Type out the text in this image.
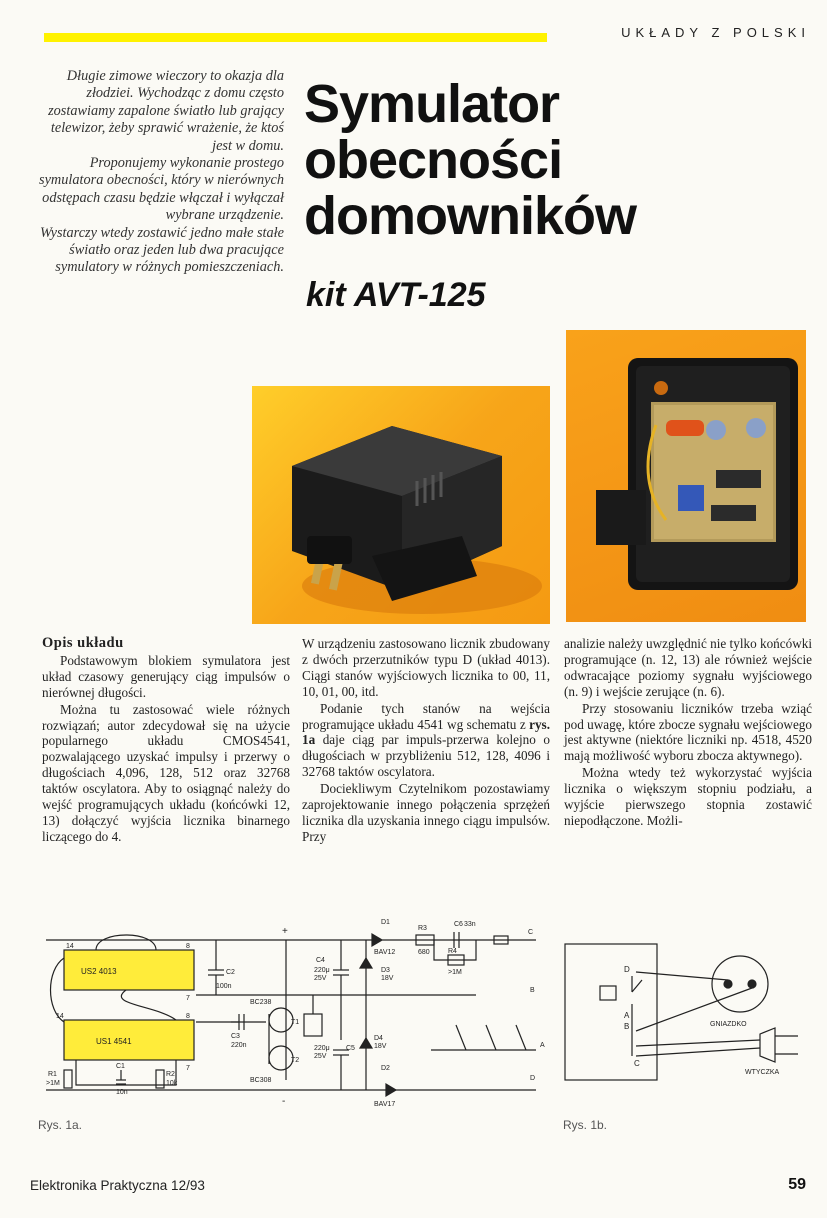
UKŁADY Z POLSKI

Długie zimowe wieczory to okazja dla złodziei. Wychodząc z domu często zostawiamy zapalone światło lub grający telewizor, żeby sprawić wrażenie, że ktoś jest w domu.

Proponujemy wykonanie prostego symulatora obecności, który w nierównych odstępach czasu będzie włączał i wyłączał wybrane urządzenie.

Wystarczy wtedy zostawić jedno małe stałe światło oraz jeden lub dwa pracujące symulatory w różnych pomieszczeniach.

Symulator
obecności
domowników
kit AVT-125
Opis układu

Podstawowym blokiem symulatora jest układ czasowy generujący ciąg impulsów o nierównej długości.

Można tu zastosować wiele różnych rozwiązań; autor zdecydował się na użycie popularnego układu CMOS4541, pozwalającego uzyskać impulsy i przerwy o długościach 4,096, 128, 512 oraz 32768 taktów oscylatora. Aby to osiągnąć należy do wejść programujących układu (końcówki 12, 13) dołączyć wyjścia licznika binarnego liczącego do 4.

W urządzeniu zastosowano licznik zbudowany z dwóch przerzutników typu D (układ 4013). Ciągi stanów wyjściowych licznika to 00, 11, 10, 01, 00, itd.

Podanie tych stanów na wejścia programujące układu 4541 wg schematu z rys. 1a daje ciąg par impuls-przerwa kolejno o długościach w przybliżeniu 512, 128, 4096 i 32768 taktów oscylatora.

Dociekliwym Czytelnikom pozostawiamy zaprojektowanie innego połączenia sprzężeń licznika dla uzyskania innego ciągu impulsów. Przy

analizie należy uwzględnić nie tylko końcówki programujące (n. 12, 13) ale również wejście odwracające poziomy sygnału wyjściowego (n. 9) i wejście zerujące (n. 6).

Przy stosowaniu liczników trzeba wziąć pod uwagę, które zbocze sygnału wejściowego jest aktywne (niektóre liczniki np. 4518, 4520 mają możliwość wyboru zbocza aktywnego).

Można wtedy też wykorzystać wyjścia licznika o większym stopniu podziału, a wyjście pierwszego stopnia zostawić niepodłączone. Możli-

US2 4013
US1 4541
14	8
7
14	8
7
C2
100n
C3
220n
C1
10n
R1
>1M
R2
10k
T1
T2
BC238
BC308
C4
220μ
25V
C5
220μ
25V
D1
BAV12
D3
18V
D4
18V
D2
BAV17
R3
680
C6 33n
R4
>1M
+
-
A
B
C
D
D
A
B
C
GNIAZDKO
WTYCZKA
Rys. 1a.	Rys. 1b.
Elektronika Praktyczna 12/93	59
